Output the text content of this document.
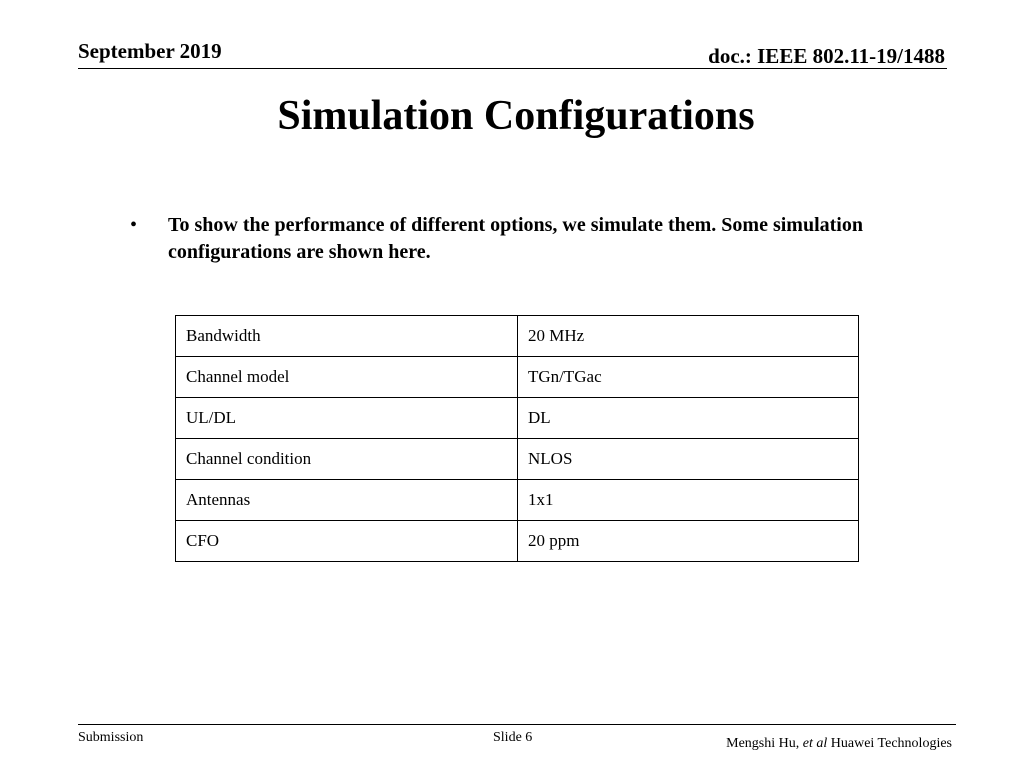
September 2019	doc.: IEEE 802.11-19/1488
Simulation Configurations
• To show the performance of different options, we simulate them. Some simulation configurations are shown here.
Bandwidth	20 MHz
Channel model	TGn/TGac
UL/DL	DL
Channel condition	NLOS
Antennas	1x1
CFO	20 ppm
Submission	Slide 6	Mengshi Hu, et al Huawei Technologies
